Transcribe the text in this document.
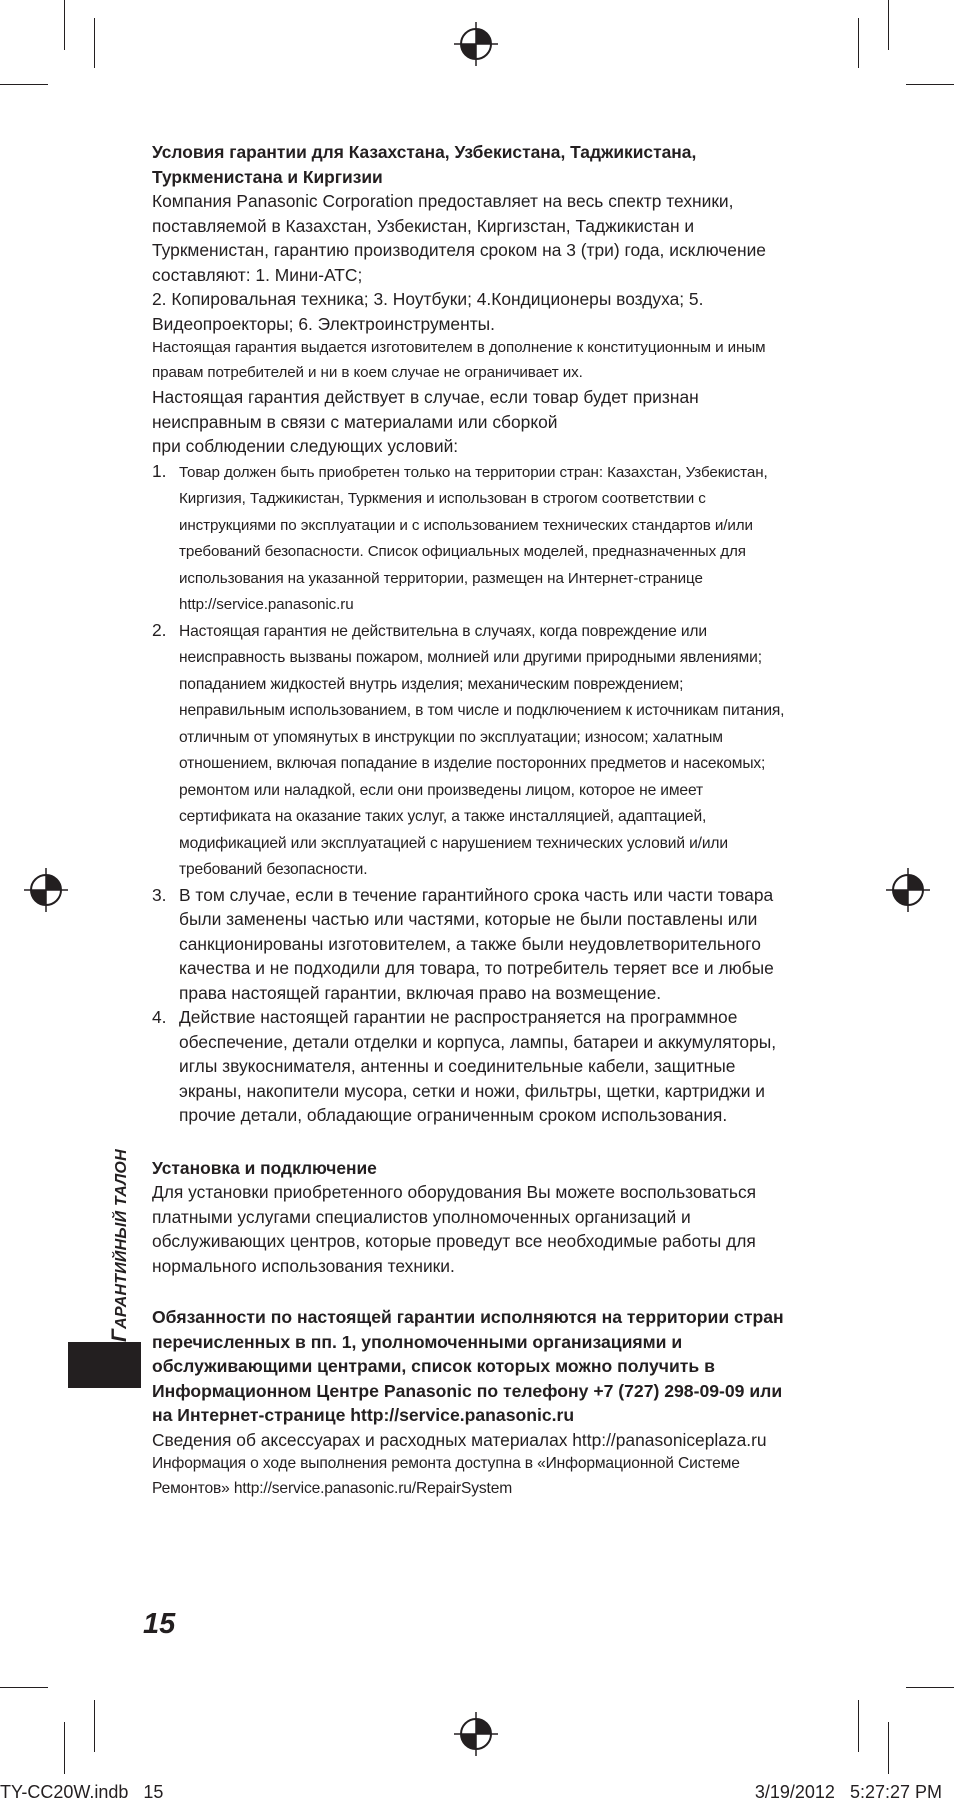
Условия гарантии для Казахстана, Узбекистана, Таджикистана, Туркменистана и Киргизии

Компания Panasonic Corporation предоставляет на весь спектр техники, поставляемой в Казахстан, Узбекистан, Киргизстан, Таджикистан и Туркменистан, гарантию производителя сроком на 3 (три) года, исключение составляют: 1. Мини-АТС;

2. Копировальная техника; 3. Ноутбуки; 4.Кондиционеры воздуха; 5. Видеопроекторы; 6. Электроинструменты.

Настоящая гарантия выдается изготовителем в дополнение к конституционным и иным правам потребителей и ни в коем случае не ограничивает их.

Настоящая гарантия действует в случае, если товар будет признан неисправным в связи с материалами или сборкой

при соблюдении следующих условий:

1. Товар должен быть приобретен только на территории стран: Казахстан, Узбекистан, Киргизия, Таджикистан, Туркмения и использован в строгом соответствии с инструкциями по эксплуатации и с использованием технических стандартов и/или требований безопасности. Список официальных моделей, предназначенных для использования на указанной территории, размещен на Интернет-странице http://service.panasonic.ru
2. Настоящая гарантия не действительна в случаях, когда повреждение или неисправность вызваны пожаром, молнией или другими природными явлениями; попаданием жидкостей внутрь изделия; механическим повреждением; неправильным использованием, в том числе и подключением к источникам питания, отличным от упомянутых в инструкции по эксплуатации; износом; халатным отношением, включая попадание в изделие посторонних предметов и насекомых; ремонтом или наладкой, если они произведены лицом, которое не имеет сертификата на оказание таких услуг, а также инсталляцией, адаптацией, модификацией или эксплуатацией с нарушением технических условий и/или требований безопасности.
3. В том случае, если в течение гарантийного срока часть или части товара были заменены частью или частями, которые не были поставлены или санкционированы изготовителем, а также были неудовлетворительного качества и не подходили для товара, то потребитель теряет все и любые права настоящей гарантии, включая право на возмещение.
4. Действие настоящей гарантии не распространяется на программное обеспечение, детали отделки и корпуса, лампы, батареи и аккумуляторы, иглы звукоснимателя, антенны и соединительные кабели, защитные экраны, накопители мусора, сетки и ножи, фильтры, щетки, картриджи и прочие детали, обладающие ограниченным сроком использования.

Установка и подключение

Для установки приобретенного оборудования Вы можете воспользоваться платными услугами специалистов уполномоченных организаций и обслуживающих центров, которые проведут все необходимые работы для нормального использования техники.

Обязанности по настоящей гарантии исполняются на территории стран перечисленных в пп. 1, уполномоченными организациями и обслуживающими центрами, список которых можно получить в Информационном Центре Panasonic по телефону +7 (727) 298-09-09 или на Интернет-странице http://service.panasonic.ru

Сведения об аксессуарах и расходных материалах http://panasoniceplaza.ru

Информация о ходе выполнения ремонта доступна в «Информационной Системе Ремонтов» http://service.panasonic.ru/RepairSystem

ГАРАНТИЙНЫЙ ТАЛОН
15
TY-CC20W.indb   15	3/19/2012   5:27:27 PM
